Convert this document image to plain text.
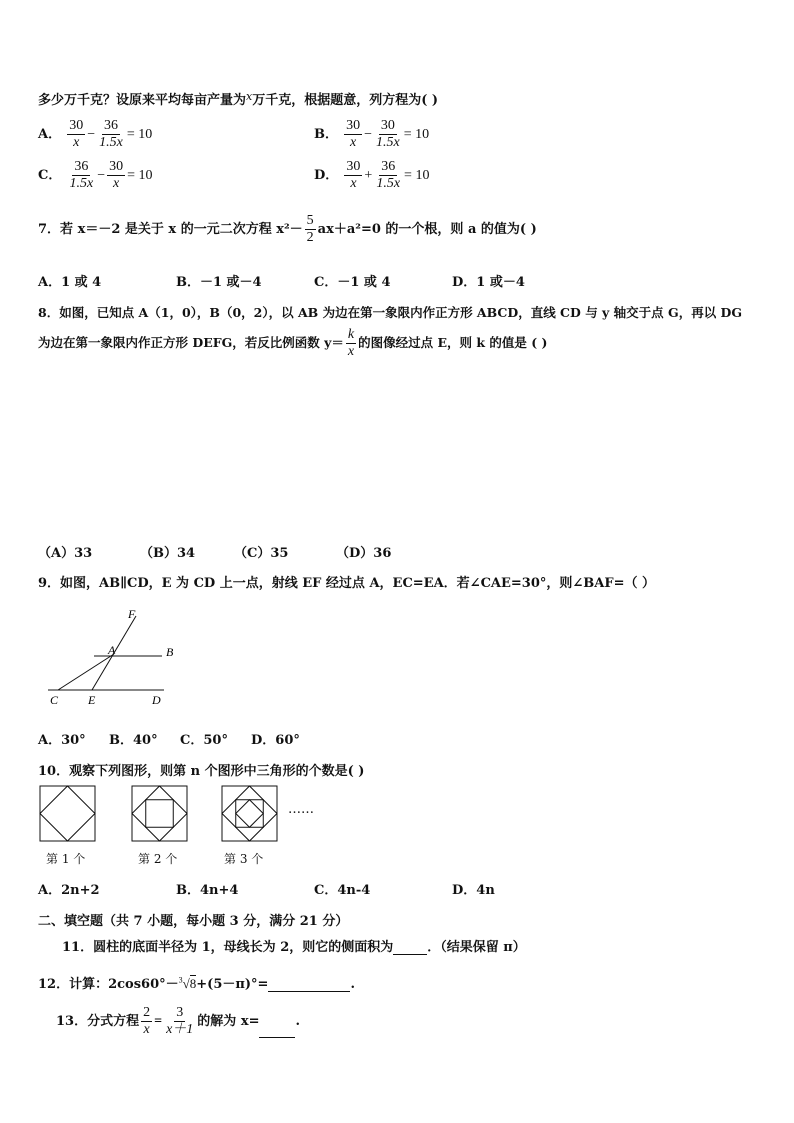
多少万千克？设原来平均每亩产量为$^x$万千克，根据题意，列方程为( )
A． $\frac{30}{x} - \frac{36}{1.5x} = 10$	B． $\frac{30}{x} - \frac{30}{1.5x} = 10$
C． $\frac{36}{1.5x} - \frac{30}{x} = 10$	D． $\frac{30}{x} + \frac{36}{1.5x} = 10$
7．若 x＝－2 是关于 x 的一元二次方程 $x^2- \frac{5}{2} ax+a^2=0$ 的一个根，则 a 的值为( )
A．1 或 4	B．－1 或－4	C．－1 或 4	D．1 或－4
8．如图，已知点 A（1，0），B（0，2），以 AB 为边在第一象限内作正方形 ABCD，直线 CD 与 y 轴交于点 G，再以 DG
为边在第一象限内作正方形 DEFG，若反比例函数 $y= \frac{k}{x}$ 的图像经过点 E，则 k 的值是 ( )
（A）33	（B）34	（C）35	（D）36
9．如图，AB∥CD，E 为 CD 上一点，射线 EF 经过点 A，EC=EA．若∠CAE=30°，则∠BAF=（ ）
F
A	B
C E	D
A．30° B．40° C．50° D．60°
10．观察下列图形，则第 n 个图形中三角形的个数是( )
……
第 1 个	第 2 个	第 3 个
A．2n+2	B．4n+4	C．4n-4	D．4n
二、填空题（共 7 小题，每小题 3 分，满分 21 分）
11．圆柱的底面半径为 1，母线长为 2，则它的侧面积为	．（结果保留 π）
12．计算：2cos60°－$^3$√8+(5－π)°=	.
13．分式方程 $\frac{2}{x} = \frac{3}{x+1}$ 的解为 x=	.
